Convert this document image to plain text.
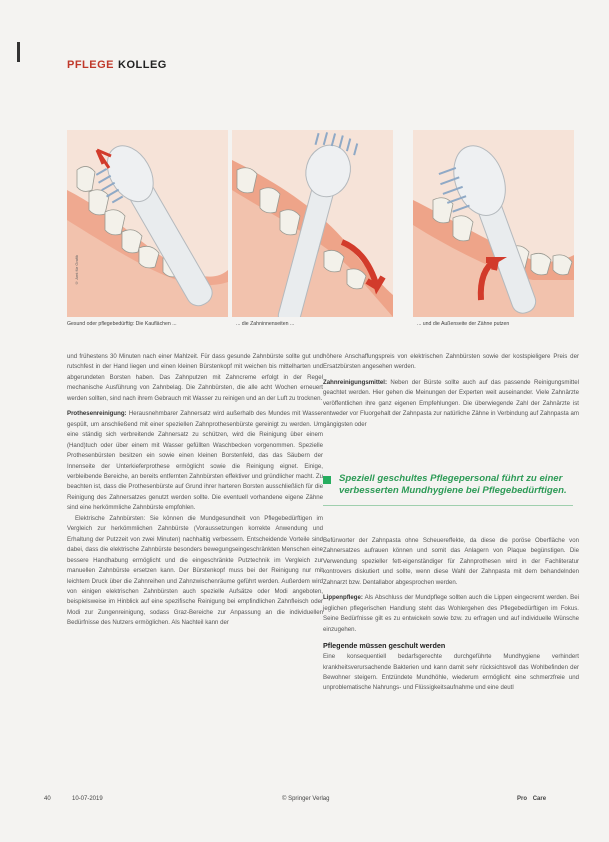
PFLEGE KOLLEG
© Amt für Grafik
Gesund oder pflegebedürftig: Die Kauflächen ...	... die Zahninnenseiten ...	... und die Außenseite der Zähne putzen

und frühestens 30 Minuten nach einer Mahlzeit. Für dass gesunde Zahnbürste sollte gut und rutschfest in der Hand liegen und einen kleinen Bürstenkopf mit weichen bis mittelharten und abgerundeten Borsten haben. Das Zahnputzen mit Zahncreme erfolgt in der Regel mechanische Ausführung von Zahnbelag. Die Zahnbürsten, die alle acht Wochen erneuert werden sollten, sind nach ihrem Gebrauch mit Wasser zu reinigen und an der Luft zu trocknen.

Prothesenreinigung: Herausnehmbarer Zahnersatz wird außerhalb des Mundes mit Wasser gespült, um anschließend mit einer speziellen Zahnprothesenbürste gereinigt zu werden. Um eine ständig sich verbreitende Zahnersatz zu schützen, wird die Reinigung über einem (Hand)tuch oder über einem mit Wasser gefüllten Waschbecken vorgenommen. Spezielle Prothesenbürsten besitzen ein sowie einen kleinen Borstenfeld, das das Säubern der Innenseite der Unterkieferprothese ermöglicht sowie die Reinigung eignet. Einige, verbleibende Bereiche, an bereits entfernten Zahnbürsten effektiver und gründlicher macht. Zu beachten ist, dass die Prothesenbürste auf Grund ihrer harteren Borsten ausschließlich für die Reinigung des Zahnersatzes genutzt werden sollte. Die eventuell vorhandene eigene Zähne sind eine herkömmliche Zahnbürste empfohlen.

Elektrische Zahnbürsten: Sie können die Mundgesundheit von Pflegebedürftigen im Vergleich zur herkömmlichen Zahnbürste (Voraussetzungen korrekte Anwendung und Erhaltung der Putzzeit von zwei Minuten) nachhaltig verbessern. Entscheidende Vorteile sind dabei, dass die elektrische Zahnbürste besonders bewegungseingeschränkten Menschen eine bessere Handhabung ermöglicht und die eingeschränkte Putztechnik im Vergleich zur manuellen Zahnbürste ersetzen kann. Der Bürstenkopf muss bei der Reinigung nur mit leichtem Druck über die Zahnreihen und Zahnzwischenräume geführt werden. Außerdem wird von einigen elektrischen Zahnbürsten auch spezielle Aufsätze oder Modi angeboten, beispielsweise im Hinblick auf eine spezifische Reinigung bei empfindlichen Zahnfleisch oder Modi zur Zungenreinigung, sodass Graz-Bereiche zur Anpassung an die individuellen Bedürfnisse des Nutzers ermöglichen. Als Nachteil kann der

höhere Anschaffungspreis von elektrischen Zahnbürsten sowie der kostspieligere Preis der Ersatzbürsten angesehen werden.

Zahnreinigungsmittel: Neben der Bürste sollte auch auf das passende Reinigungsmittel geachtet werden. Hier gehen die Meinungen der Experten weit auseinander. Viele Zahnärzte veröffentlichen ihre ganz eigenen Empfehlungen. Die überwiegende Zahl der Zahnärzte ist entweder vor Fluorgehalt der Zahnpasta zur natürliche Zähne in Verbindung auf Zahnpasta am gängigsten oder

Speziell geschultes Pflegepersonal führt zu einer verbesserten Mundhygiene bei Pflegebedürftigen.

Befürworter der Zahnpasta ohne Scheuereffekte, da diese die poröse Oberfläche von Zahnersatzes aufrauen können und somit das Anlagern von Plaque begünstigen. Die Verwendung spezieller fett-eigenständiger für Zahnprothesen wird in der Fachliteratur kontrovers diskutiert und sollte, wenn diese Wahl der Zahnpasta mit dem behandelnden Zahnarzt bzw. Dentallabor abgesprochen werden.

Lippenpflege: Als Abschluss der Mundpflege sollten auch die Lippen eingecremt werden. Bei jeglichen pflegerischen Handlung steht das Wohlergehen des Pflegebedürftigen im Fokus. Seine Bedürfnisse gilt es zu entwickeln sowie bzw. zu erfragen und auf individuelle Wünsche einzugehen.

Pflegende müssen geschult werden

Eine konsequentiell bedarfsgerechte durchgeführte Mundhygiene verhindert krankheitsverursachende Bakterien und kann damit sehr rücksichtsvoll das Wohlbefinden der Bewohner steigern. Entzündete Mundhöhle, wiederum ermöglicht eine schmerzfreie und unproblematische Nahrungs- und Flüssigkeitsaufnahme und eine deutl

40	10-07-2019	© Springer Verlag	Pro Care
